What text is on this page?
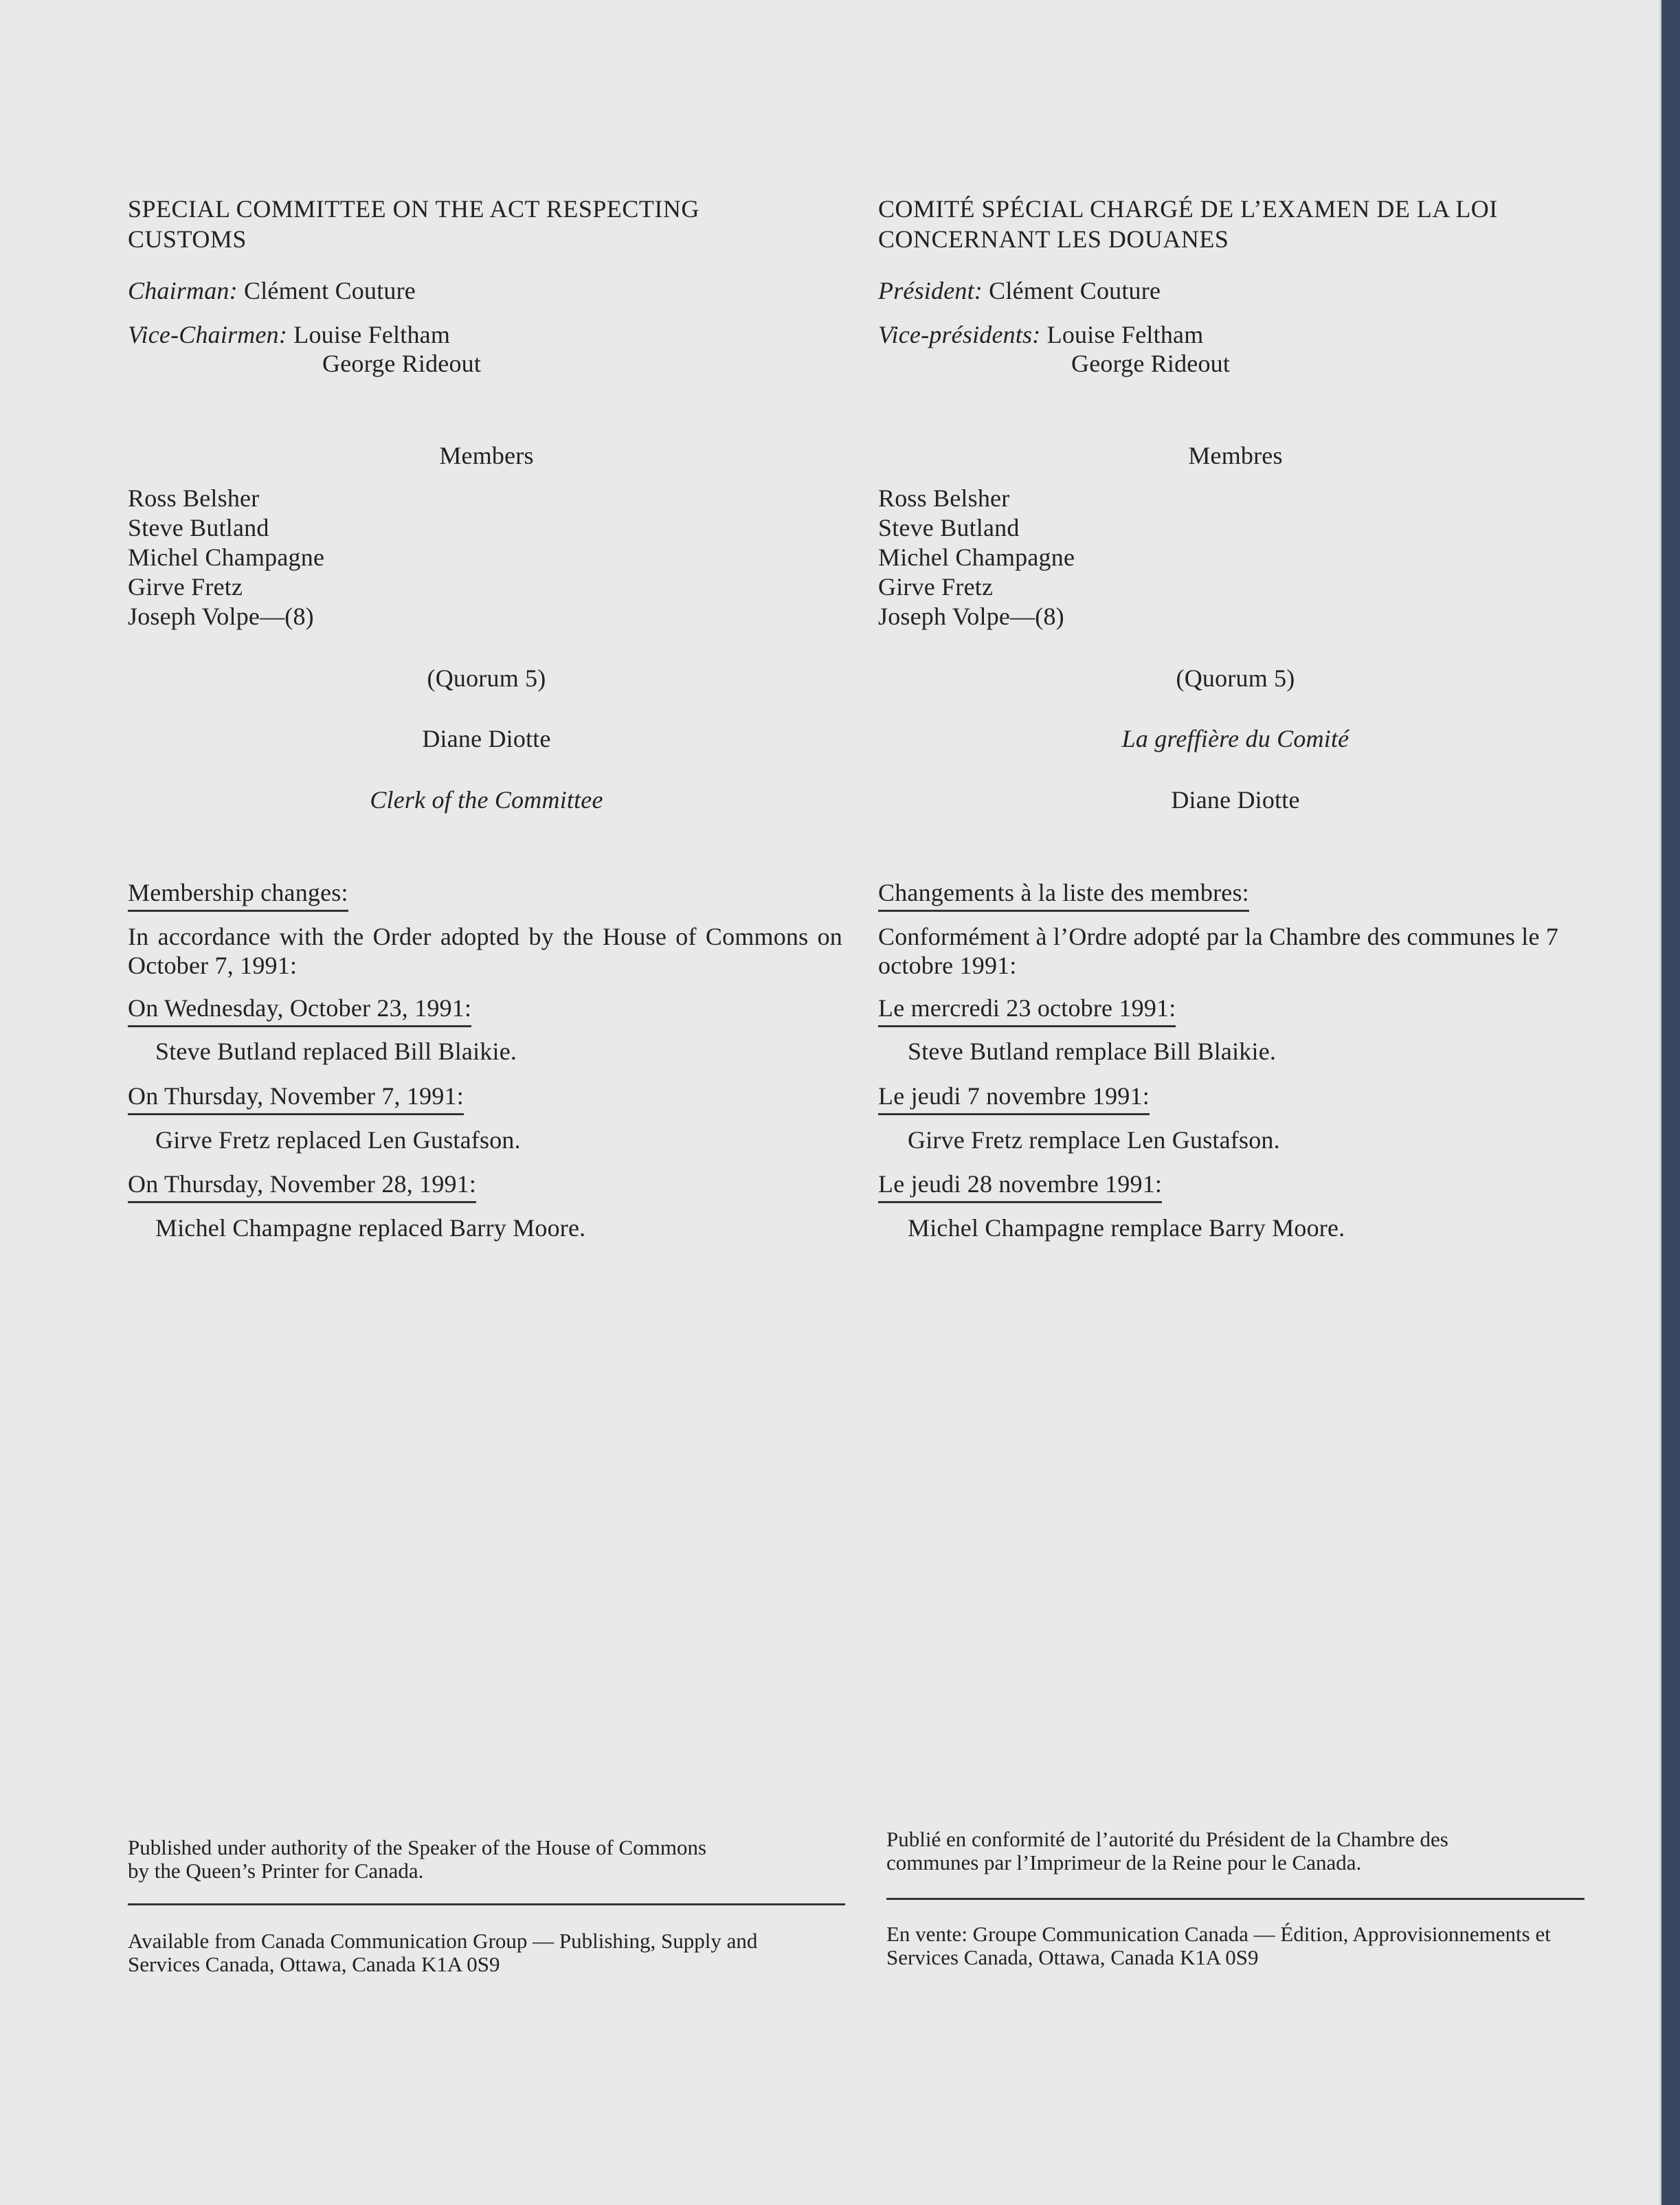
SPECIAL COMMITTEE ON THE ACT RESPECTING CUSTOMS
Chairman: Clément Couture
Vice-Chairmen: Louise Feltham
George Rideout
Members
Ross Belsher
Steve Butland
Michel Champagne
Girve Fretz
Joseph Volpe—(8)
(Quorum 5)
Diane Diotte
Clerk of the Committee
Membership changes:
In accordance with the Order adopted by the House of Commons on October 7, 1991:
On Wednesday, October 23, 1991:
Steve Butland replaced Bill Blaikie.
On Thursday, November 7, 1991:
Girve Fretz replaced Len Gustafson.
On Thursday, November 28, 1991:
Michel Champagne replaced Barry Moore.
Published under authority of the Speaker of the House of Commons by the Queen’s Printer for Canada.
Available from Canada Communication Group — Publishing, Supply and Services Canada, Ottawa, Canada K1A 0S9
COMITÉ SPÉCIAL CHARGÉ DE L’EXAMEN DE LA LOI CONCERNANT LES DOUANES
Président: Clément Couture
Vice-présidents: Louise Feltham
George Rideout
Membres
Ross Belsher
Steve Butland
Michel Champagne
Girve Fretz
Joseph Volpe—(8)
(Quorum 5)
La greffière du Comité
Diane Diotte
Changements à la liste des membres:
Conformément à l’Ordre adopté par la Chambre des communes le 7 octobre 1991:
Le mercredi 23 octobre 1991:
Steve Butland remplace Bill Blaikie.
Le jeudi 7 novembre 1991:
Girve Fretz remplace Len Gustafson.
Le jeudi 28 novembre 1991:
Michel Champagne remplace Barry Moore.
Publié en conformité de l’autorité du Président de la Chambre des communes par l’Imprimeur de la Reine pour le Canada.
En vente: Groupe Communication Canada — Édition, Approvisionnements et Services Canada, Ottawa, Canada K1A 0S9
